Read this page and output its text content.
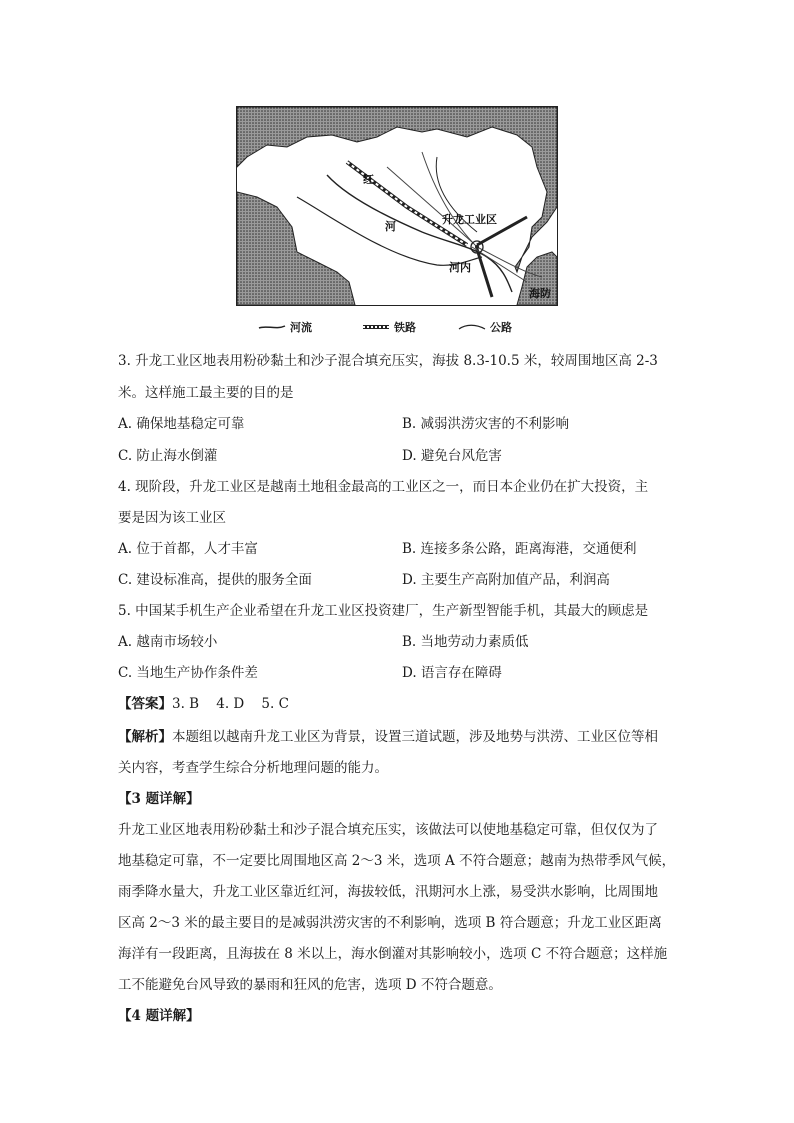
红
河
升龙工业区
河内
海防
河流	铁路	公路
3. 升龙工业区地表用粉砂黏土和沙子混合填充压实，海拔 8.3-10.5 米，较周围地区高 2-3
米。这样施工最主要的目的是
A. 确保地基稳定可靠	B. 减弱洪涝灾害的不利影响
C. 防止海水倒灌	D. 避免台风危害
4. 现阶段，升龙工业区是越南土地租金最高的工业区之一，而日本企业仍在扩大投资，主
要是因为该工业区
A. 位于首都，人才丰富	B. 连接多条公路，距离海港，交通便利
C. 建设标准高，提供的服务全面	D. 主要生产高附加值产品，利润高
5. 中国某手机生产企业希望在升龙工业区投资建厂，生产新型智能手机，其最大的顾虑是
A. 越南市场较小	B. 当地劳动力素质低
C. 当地生产协作条件差	D. 语言存在障碍
【答案】3. B    4. D    5. C
【解析】本题组以越南升龙工业区为背景，设置三道试题，涉及地势与洪涝、工业区位等相
关内容，考查学生综合分析地理问题的能力。
【3 题详解】
升龙工业区地表用粉砂黏土和沙子混合填充压实，该做法可以使地基稳定可靠，但仅仅为了
地基稳定可靠，不一定要比周围地区高 2～3 米，选项 A 不符合题意；越南为热带季风气候，
雨季降水量大，升龙工业区靠近红河，海拔较低，汛期河水上涨，易受洪水影响，比周围地
区高 2～3 米的最主要目的是减弱洪涝灾害的不利影响，选项 B 符合题意；升龙工业区距离
海洋有一段距离，且海拔在 8 米以上，海水倒灌对其影响较小，选项 C 不符合题意；这样施
工不能避免台风导致的暴雨和狂风的危害，选项 D 不符合题意。
【4 题详解】
